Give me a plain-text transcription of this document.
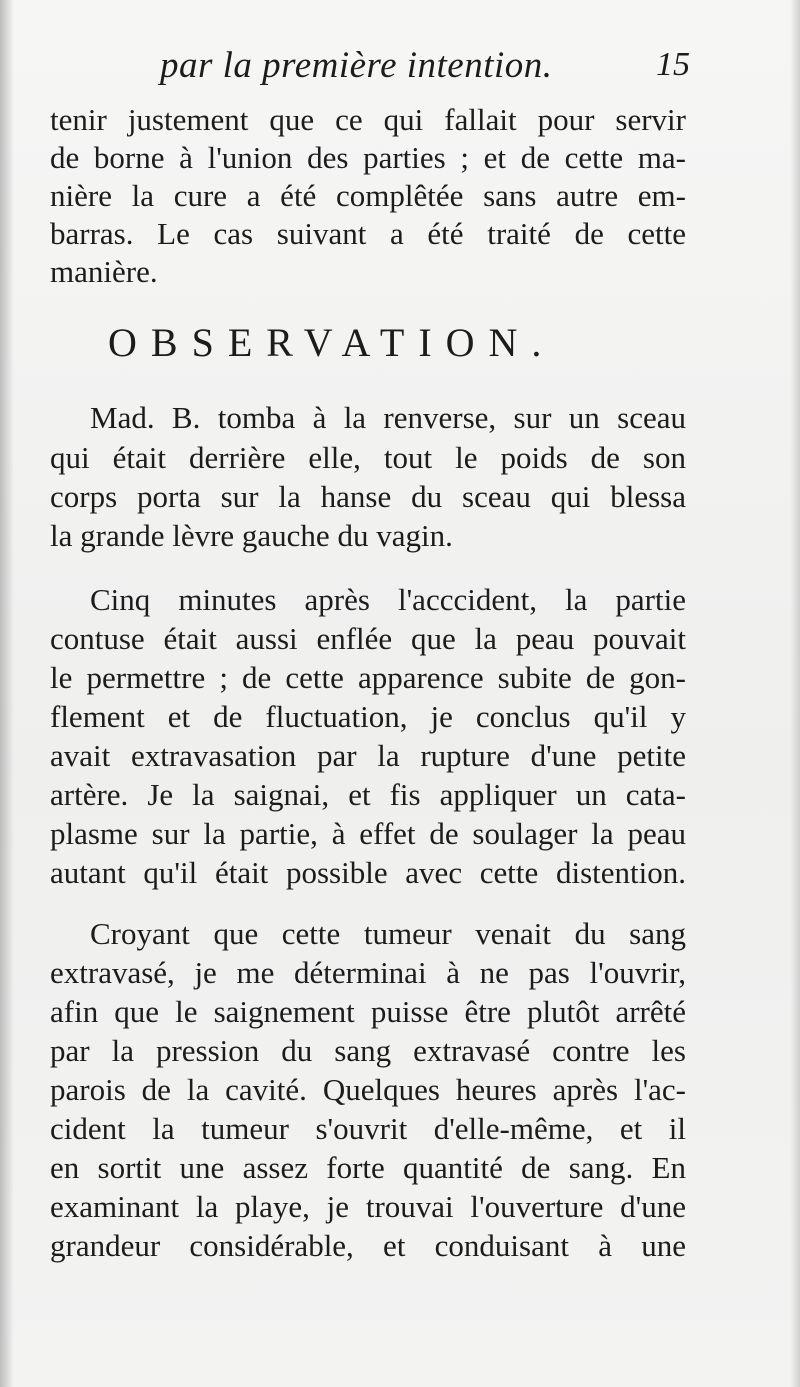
par la première intention.	15
tenir justement que ce qui fallait pour servir
de borne à l'union des parties ; et de cette ma-
nière la cure a été complêtée sans autre em-
barras. Le cas suivant a été traité de cette
manière.
OBSERVATION.
Mad. B. tomba à la renverse, sur un sceau
qui était derrière elle, tout le poids de son
corps porta sur la hanse du sceau qui blessa
la grande lèvre gauche du vagin.
Cinq minutes après l'acccident, la partie
contuse était aussi enflée que la peau pouvait
le permettre ; de cette apparence subite de gon-
flement et de fluctuation, je conclus qu'il y
avait extravasation par la rupture d'une petite
artère. Je la saignai, et fis appliquer un cata-
plasme sur la partie, à effet de soulager la peau
autant qu'il était possible avec cette distention.
Croyant que cette tumeur venait du sang
extravasé, je me déterminai à ne pas l'ouvrir,
afin que le saignement puisse être plutôt arrêté
par la pression du sang extravasé contre les
parois de la cavité. Quelques heures après l'ac-
cident la tumeur s'ouvrit d'elle-même, et il
en sortit une assez forte quantité de sang. En
examinant la playe, je trouvai l'ouverture d'une
grandeur considérable, et conduisant à une
